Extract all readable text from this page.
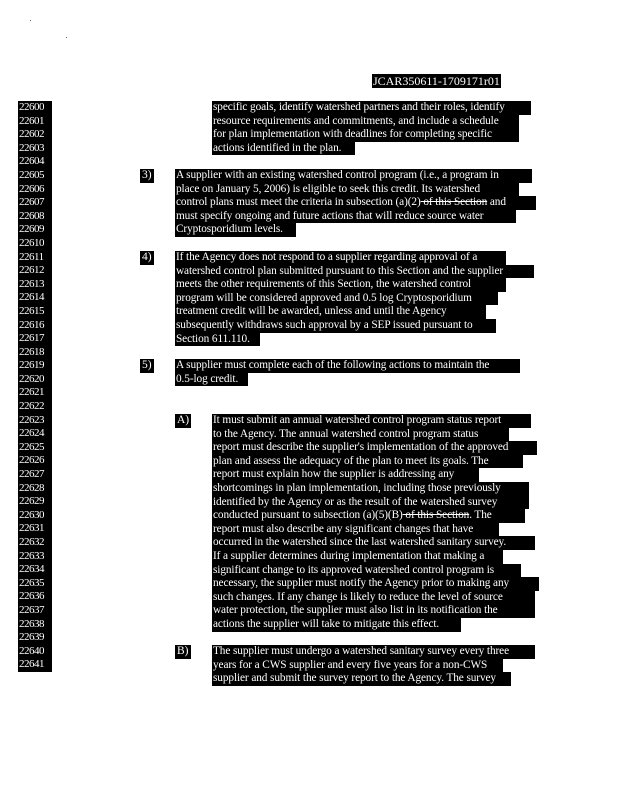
JCAR350611-1709171r01
22600
22601
22602
22603
22604
22605
22606
22607
22608
22609
22610
22611
22612
22613
22614
22615
22616
22617
22618
22619
22620
22621
22622
22623
22624
22625
22626
22627
22628
22629
22630
22631
22632
22633
22634
22635
22636
22637
22638
22639
22640
22641
specific goals, identify watershed partners and their roles, identify
resource requirements and commitments, and include a schedule
for plan implementation with deadlines for completing specific
actions identified in the plan.
3) A supplier with an existing watershed control program (i.e., a program in
place on January 5, 2006) is eligible to seek this credit. Its watershed
control plans must meet the criteria in subsection (a)(2) of this Section and
must specify ongoing and future actions that will reduce source water
Cryptosporidium levels.
4) If the Agency does not respond to a supplier regarding approval of a
watershed control plan submitted pursuant to this Section and the supplier
meets the other requirements of this Section, the watershed control
program will be considered approved and 0.5 log Cryptosporidium
treatment credit will be awarded, unless and until the Agency
subsequently withdraws such approval by a SEP issued pursuant to
Section 611.110.
5) A supplier must complete each of the following actions to maintain the
0.5-log credit.
A) It must submit an annual watershed control program status report
to the Agency. The annual watershed control program status
report must describe the supplier's implementation of the approved
plan and assess the adequacy of the plan to meet its goals. The
report must explain how the supplier is addressing any
shortcomings in plan implementation, including those previously
identified by the Agency or as the result of the watershed survey
conducted pursuant to subsection (a)(5)(B) of this Section. The
report must also describe any significant changes that have
occurred in the watershed since the last watershed sanitary survey.
If a supplier determines during implementation that making a
significant change to its approved watershed control program is
necessary, the supplier must notify the Agency prior to making any
such changes. If any change is likely to reduce the level of source
water protection, the supplier must also list in its notification the
actions the supplier will take to mitigate this effect.
B) The supplier must undergo a watershed sanitary survey every three
years for a CWS supplier and every five years for a non-CWS
supplier and submit the survey report to the Agency. The survey
